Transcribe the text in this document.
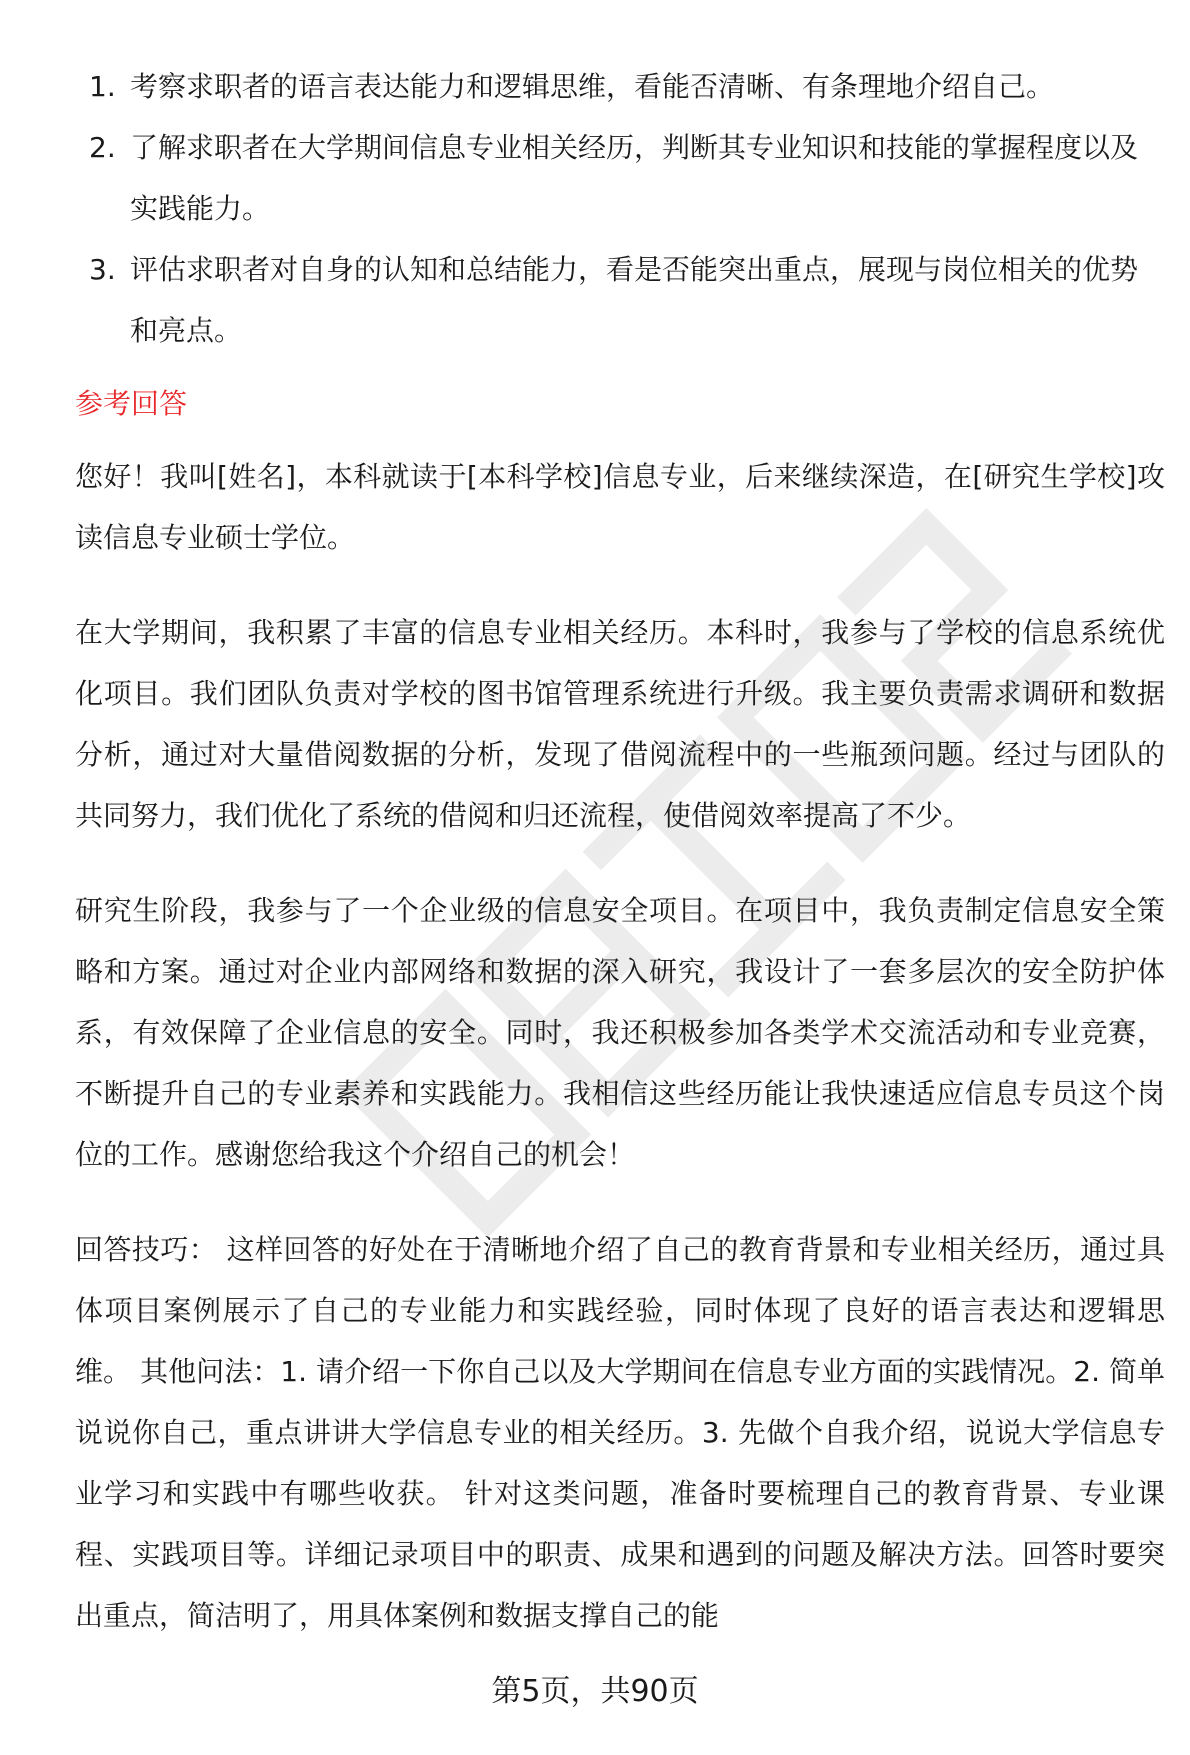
1. 考察求职者的语言表达能力和逻辑思维，看能否清晰、有条理地介绍自己。
2. 了解求职者在大学期间信息专业相关经历，判断其专业知识和技能的掌握程度以及实践能力。
3. 评估求职者对自身的认知和总结能力，看是否能突出重点，展现与岗位相关的优势和亮点。
参考回答

您好！我叫[姓名]，本科就读于[本科学校]信息专业，后来继续深造，在[研究生学校]攻读信息专业硕士学位。

在大学期间，我积累了丰富的信息专业相关经历。本科时，我参与了学校的信息系统优化项目。我们团队负责对学校的图书馆管理系统进行升级。我主要负责需求调研和数据分析，通过对大量借阅数据的分析，发现了借阅流程中的一些瓶颈问题。经过与团队的共同努力，我们优化了系统的借阅和归还流程，使借阅效率提高了不少。

研究生阶段，我参与了一个企业级的信息安全项目。在项目中，我负责制定信息安全策略和方案。通过对企业内部网络和数据的深入研究，我设计了一套多层次的安全防护体系，有效保障了企业信息的安全。同时，我还积极参加各类学术交流活动和专业竞赛，不断提升自己的专业素养和实践能力。我相信这些经历能让我快速适应信息专员这个岗位的工作。感谢您给我这个介绍自己的机会！

回答技巧： 这样回答的好处在于清晰地介绍了自己的教育背景和专业相关经历，通过具体项目案例展示了自己的专业能力和实践经验，同时体现了良好的语言表达和逻辑思维。 其他问法：1. 请介绍一下你自己以及大学期间在信息专业方面的实践情况。2. 简单说说你自己，重点讲讲大学信息专业的相关经历。3. 先做个自我介绍，说说大学信息专业学习和实践中有哪些收获。 针对这类问题，准备时要梳理自己的教育背景、专业课程、实践项目等。详细记录项目中的职责、成果和遇到的问题及解决方法。回答时要突出重点，简洁明了，用具体案例和数据支撑自己的能

第5页，共90页
